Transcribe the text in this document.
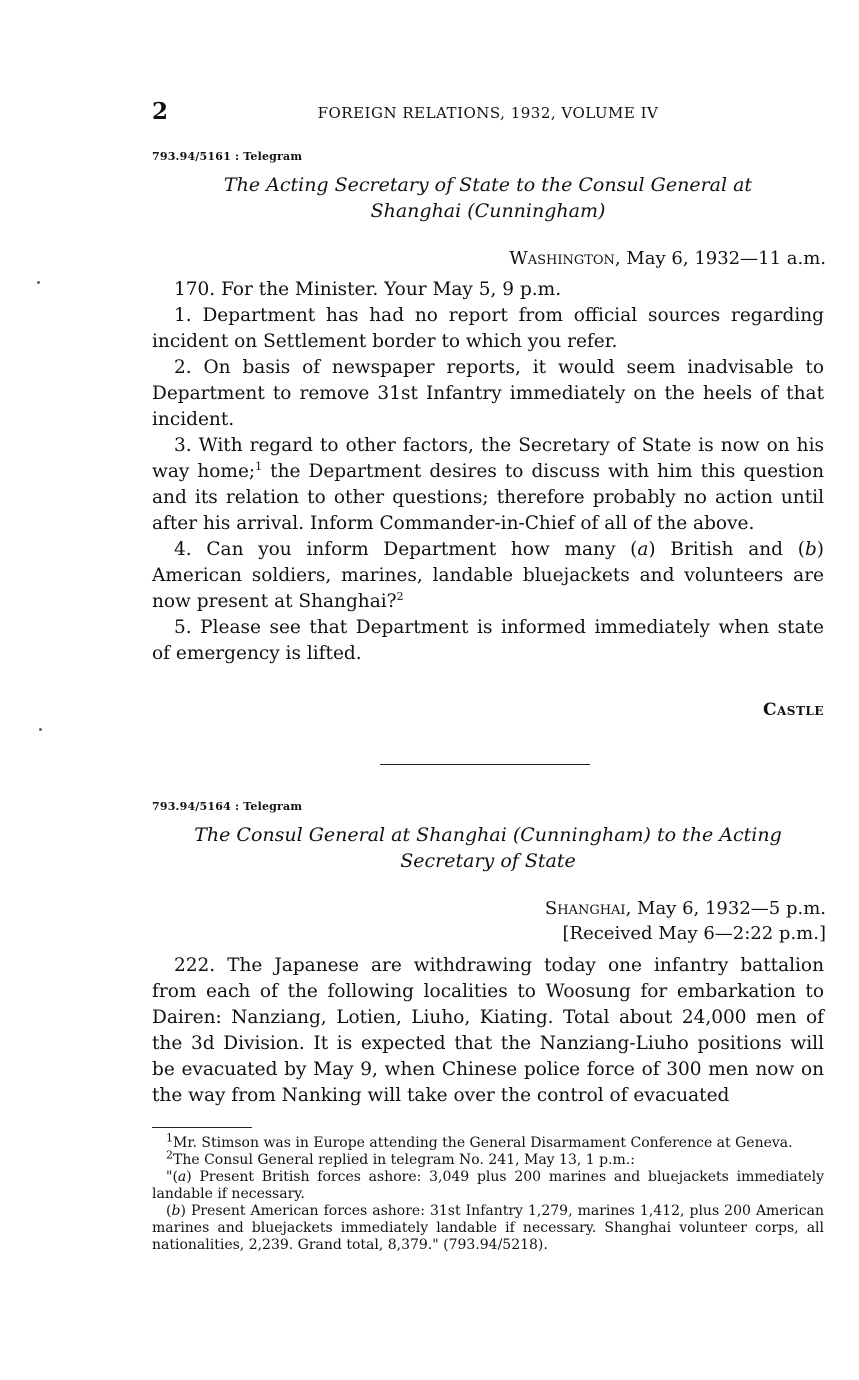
2	FOREIGN RELATIONS, 1932, VOLUME IV
793.94/5161 : Telegram
The Acting Secretary of State to the Consul General at
Shanghai (Cunningham)
Washington, May 6, 1932—11 a.m.

170. For the Minister. Your May 5, 9 p.m.

1. Department has had no report from official sources regarding incident on Settlement border to which you refer.

2. On basis of newspaper reports, it would seem inadvisable to Department to remove 31st Infantry immediately on the heels of that incident.

3. With regard to other factors, the Secretary of State is now on his way home;$^1$ the Department desires to discuss with him this question and its relation to other questions; therefore probably no action until after his arrival. Inform Commander-in-Chief of all of the above.

4. Can you inform Department how many (a) British and (b) American soldiers, marines, landable bluejackets and volunteers are now present at Shanghai?$^2$

5. Please see that Department is informed immediately when state of emergency is lifted.

Castle
793.94/5164 : Telegram
The Consul General at Shanghai (Cunningham) to the Acting
Secretary of State
Shanghai, May 6, 1932—5 p.m.
[Received May 6—2:22 p.m.]

222. The Japanese are withdrawing today one infantry battalion from each of the following localities to Woosung for embarkation to Dairen: Nanziang, Lotien, Liuho, Kiating. Total about 24,000 men of the 3d Division. It is expected that the Nanziang-Liuho positions will be evacuated by May 9, when Chinese police force of 300 men now on the way from Nanking will take over the control of evacuated

$^1$Mr. Stimson was in Europe attending the General Disarmament Conference at Geneva.

$^2$The Consul General replied in telegram No. 241, May 13, 1 p.m.:

"(a) Present British forces ashore: 3,049 plus 200 marines and bluejackets immediately landable if necessary.

(b) Present American forces ashore: 31st Infantry 1,279, marines 1,412, plus 200 American marines and bluejackets immediately landable if necessary. Shanghai volunteer corps, all nationalities, 2,239. Grand total, 8,379." (793.94/5218).
